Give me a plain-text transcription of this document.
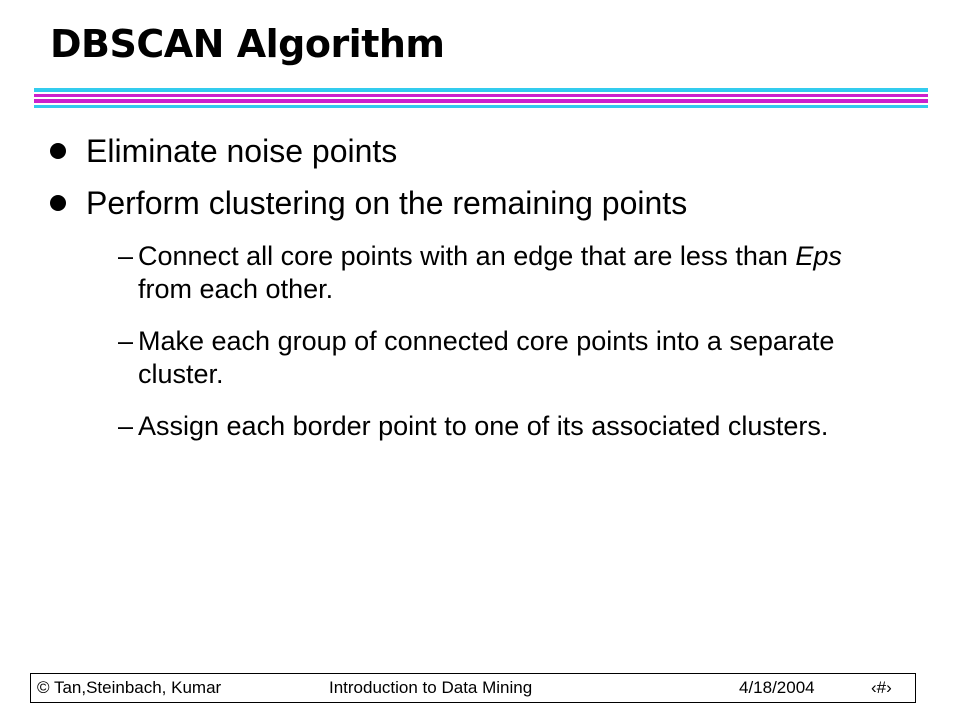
DBSCAN Algorithm
Eliminate noise points
Perform clustering on the remaining points
– Connect all core points with an edge that are less than Eps from each other.
– Make each group of connected core points into a separate cluster.
– Assign each border point to one of its associated clusters.
© Tan,Steinbach, Kumar	Introduction to Data Mining	4/18/2004	‹#›
